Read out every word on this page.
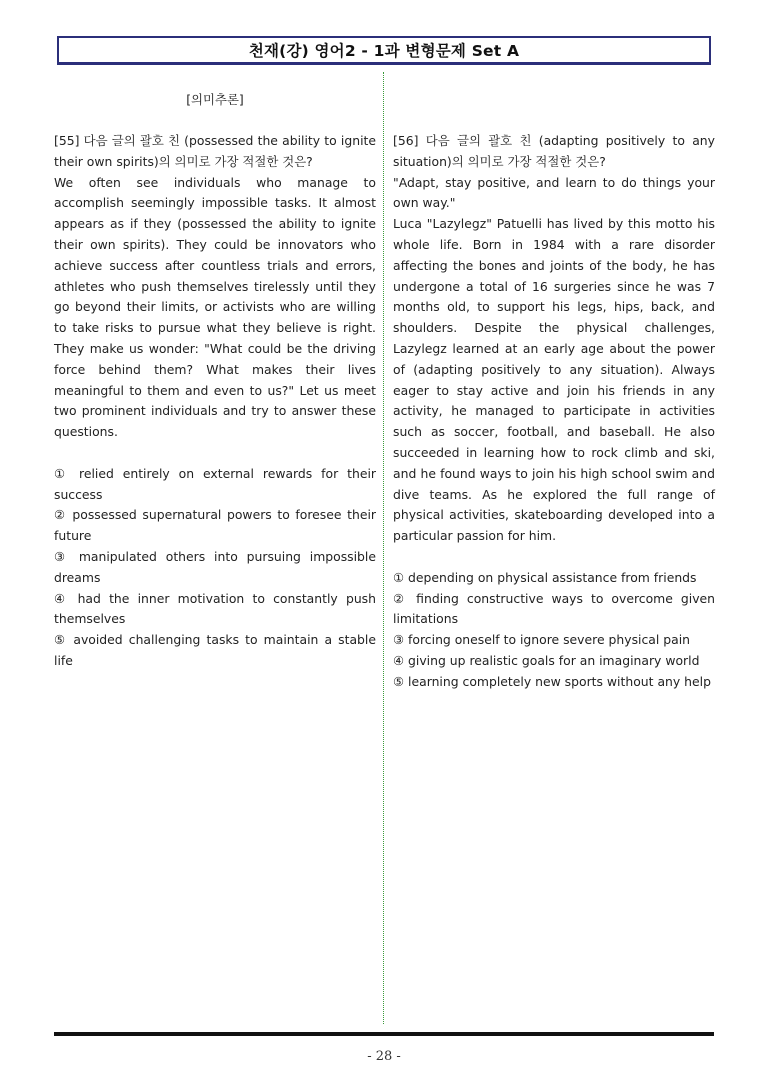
천재(강) 영어2 - 1과 변형문제 Set A
[의미추론]

[55] 다음 글의 괄호 친 (possessed the ability to ignite their own spirits)의 의미로 가장 적절한 것은?

We often see individuals who manage to accomplish seemingly impossible tasks. It almost appears as if they (possessed the ability to ignite their own spirits). They could be innovators who achieve success after countless trials and errors, athletes who push themselves tirelessly until they go beyond their limits, or activists who are willing to take risks to pursue what they believe is right. They make us wonder: "What could be the driving force behind them? What makes their lives meaningful to them and even to us?" Let us meet two prominent individuals and try to answer these questions.

① relied entirely on external rewards for their success

② possessed supernatural powers to foresee their future

③ manipulated others into pursuing impossible dreams

④ had the inner motivation to constantly push themselves

⑤ avoided challenging tasks to maintain a stable life

[56] 다음 글의 괄호 친 (adapting positively to any situation)의 의미로 가장 적절한 것은?

"Adapt, stay positive, and learn to do things your own way."

Luca "Lazylegz" Patuelli has lived by this motto his whole life. Born in 1984 with a rare disorder affecting the bones and joints of the body, he has undergone a total of 16 surgeries since he was 7 months old, to support his legs, hips, back, and shoulders. Despite the physical challenges, Lazylegz learned at an early age about the power of (adapting positively to any situation). Always eager to stay active and join his friends in any activity, he managed to participate in activities such as soccer, football, and baseball. He also succeeded in learning how to rock climb and ski, and he found ways to join his high school swim and dive teams. As he explored the full range of physical activities, skateboarding developed into a particular passion for him.

① depending on physical assistance from friends

② finding constructive ways to overcome given limitations

③ forcing oneself to ignore severe physical pain

④ giving up realistic goals for an imaginary world

⑤ learning completely new sports without any help

- 28 -
